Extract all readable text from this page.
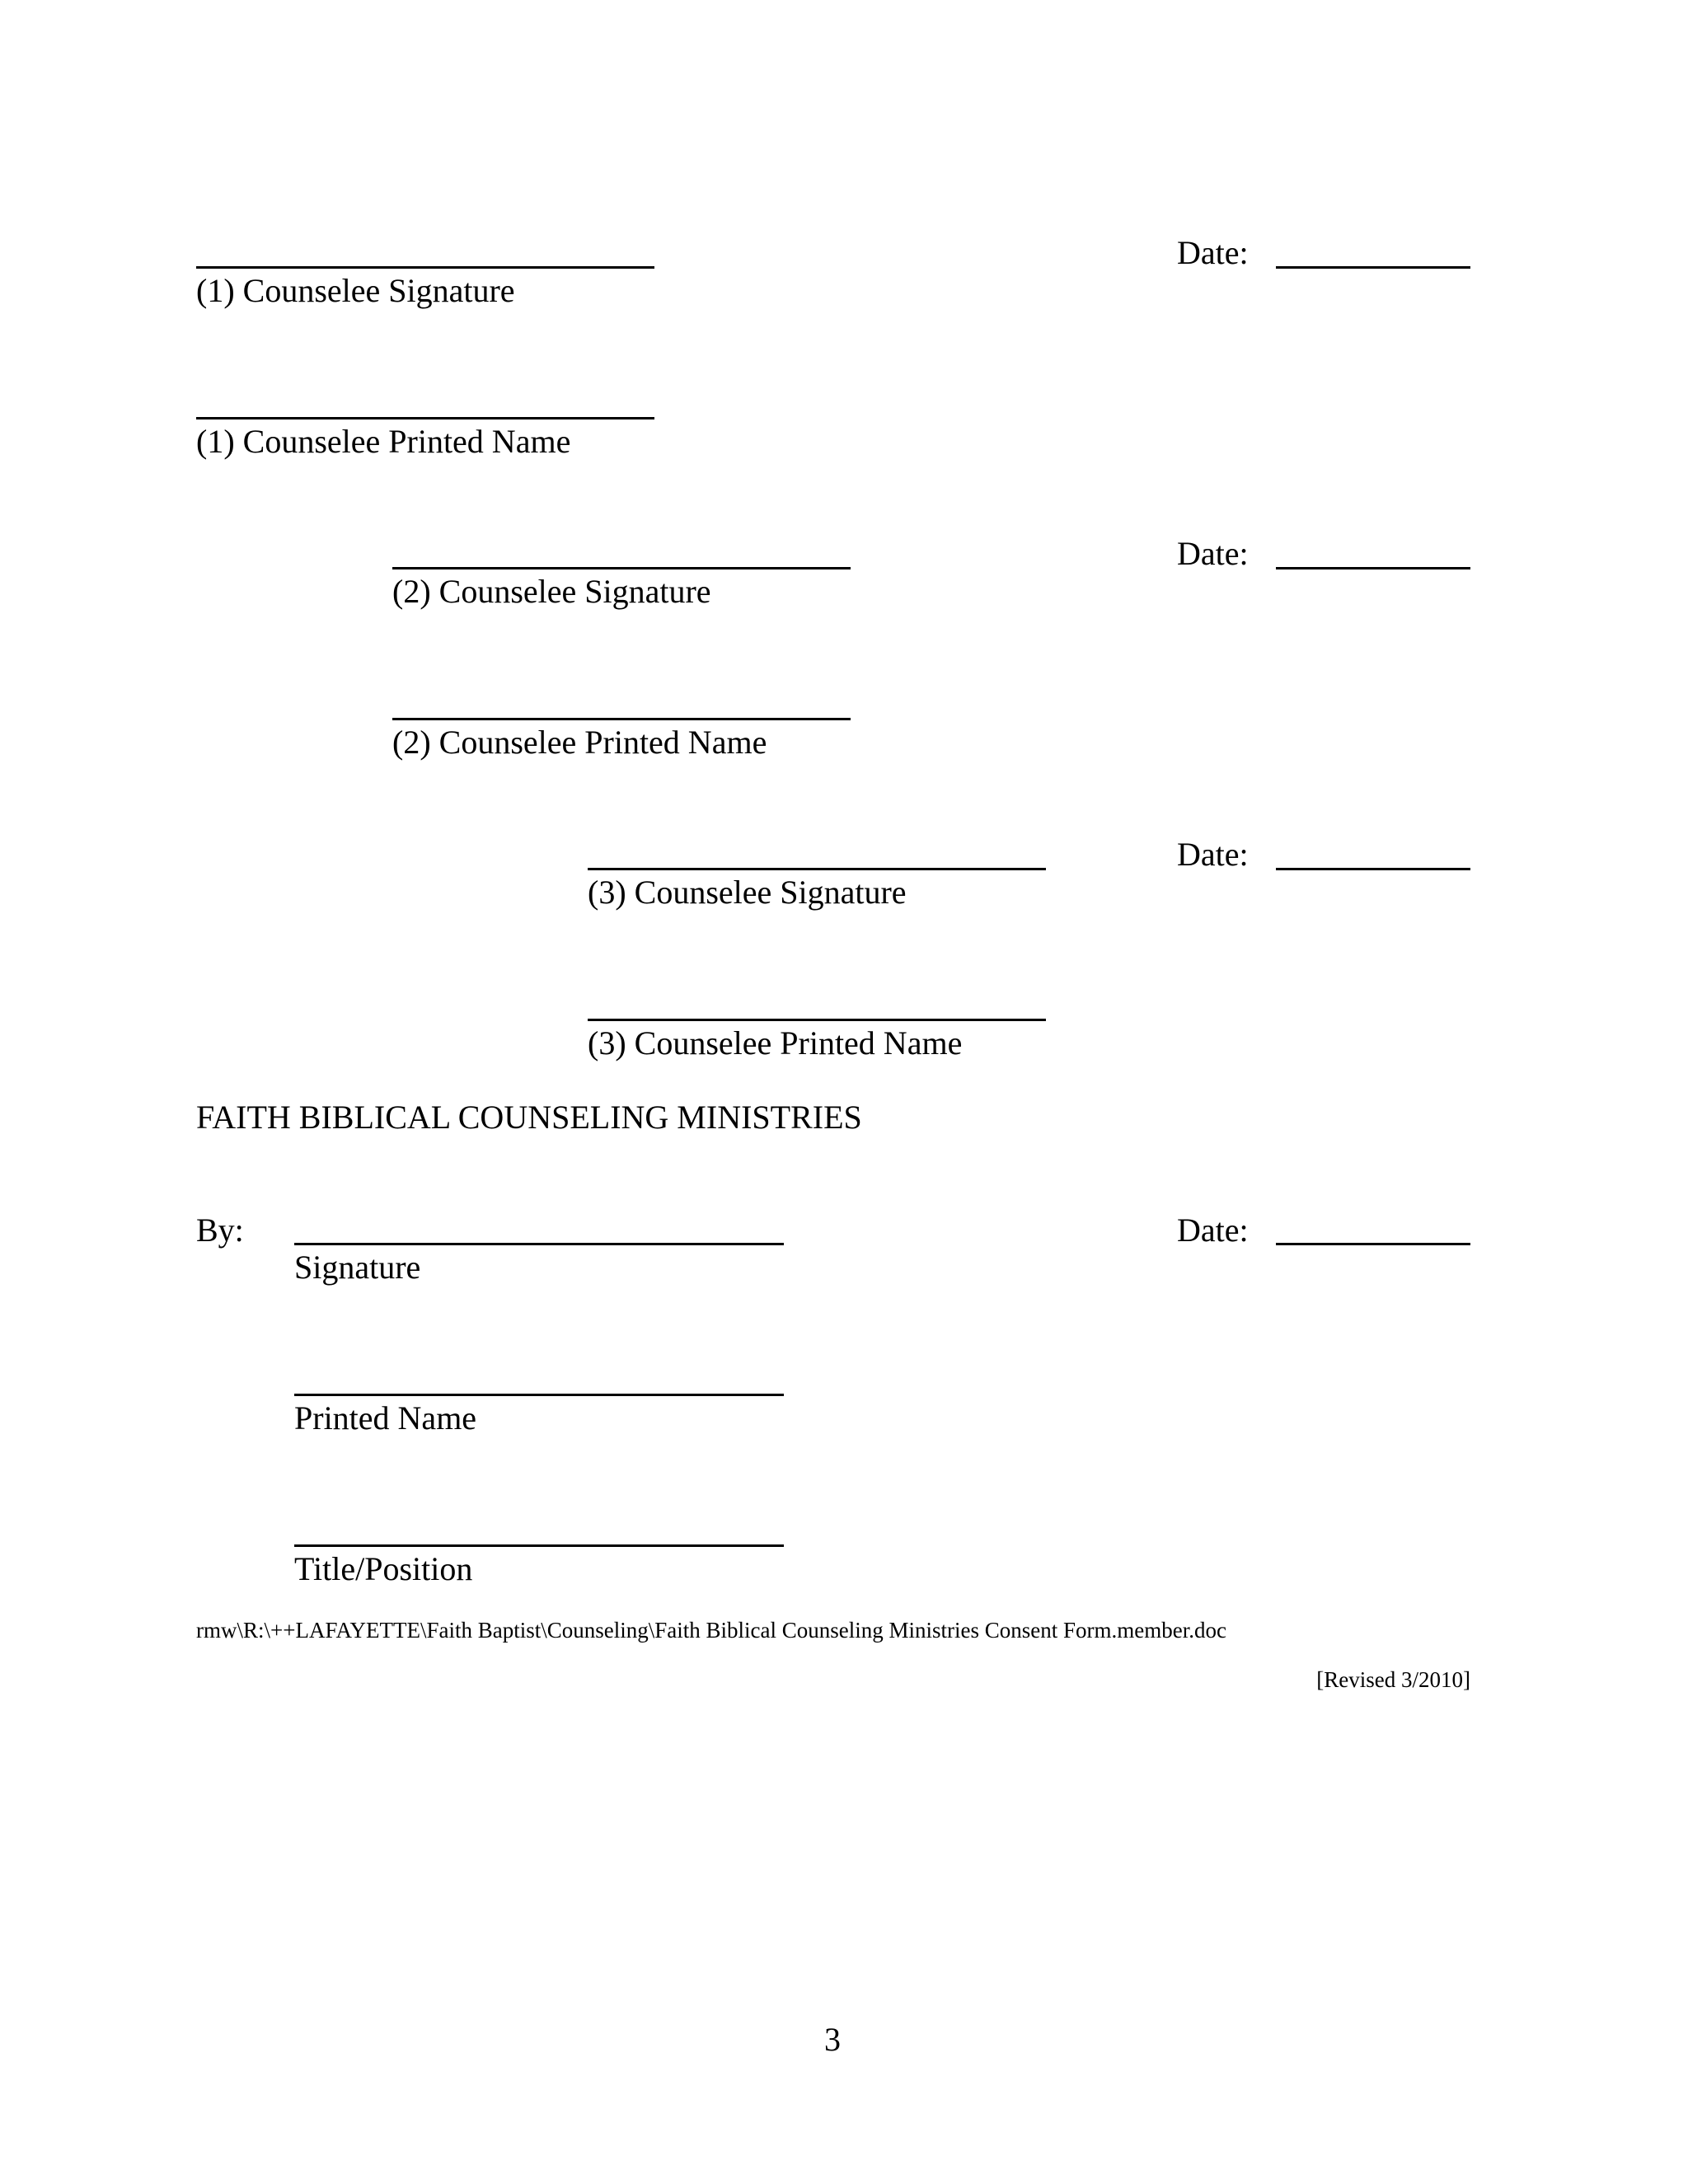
(1) Counselee Signature
Date:
(1) Counselee Printed Name
(2) Counselee Signature
Date:
(2) Counselee Printed Name
(3) Counselee Signature
Date:
(3) Counselee Printed Name
FAITH BIBLICAL COUNSELING MINISTRIES
By:
Signature
Date:
Printed Name
Title/Position
rmw\R:\++LAFAYETTE\Faith Baptist\Counseling\Faith Biblical Counseling Ministries Consent Form.member.doc
[Revised 3/2010]
3
